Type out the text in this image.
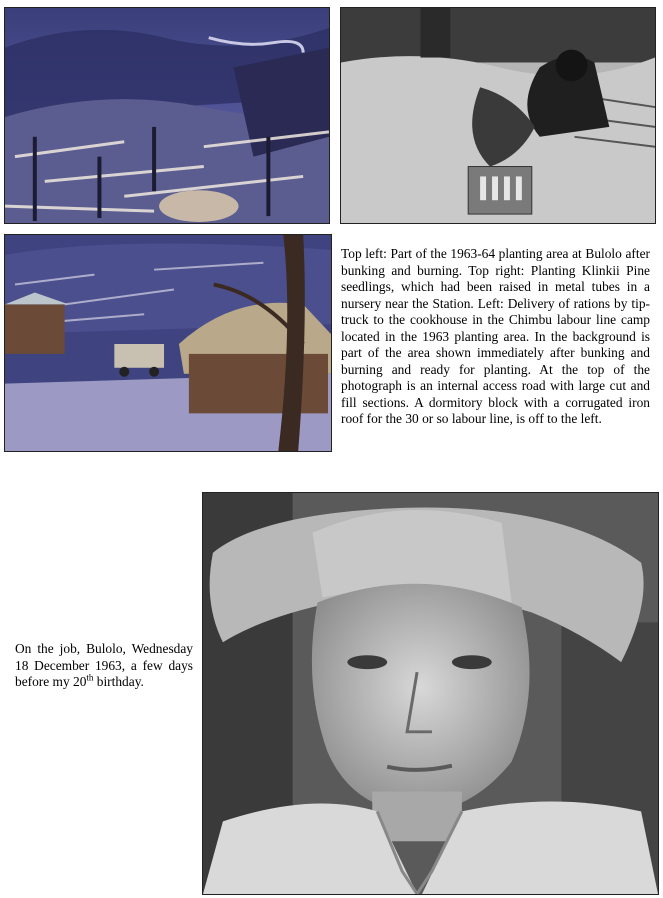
Top left: Part of the 1963-64 planting area at Bulolo after bunking and burning. Top right: Planting Klinkii Pine seedlings, which had been raised in metal tubes in a nursery near the Station. Left: Delivery of rations by tip-truck to the cookhouse in the Chimbu labour line camp located in the 1963 planting area. In the background is part of the area shown immediately after bunking and burning and ready for planting. At the top of the photograph is an internal access road with large cut and fill sections. A dormitory block with a corrugated iron roof for the 30 or so labour line, is off to the left.
On the job, Bulolo, Wednesday 18 December 1963, a few days before my 20th birthday.
